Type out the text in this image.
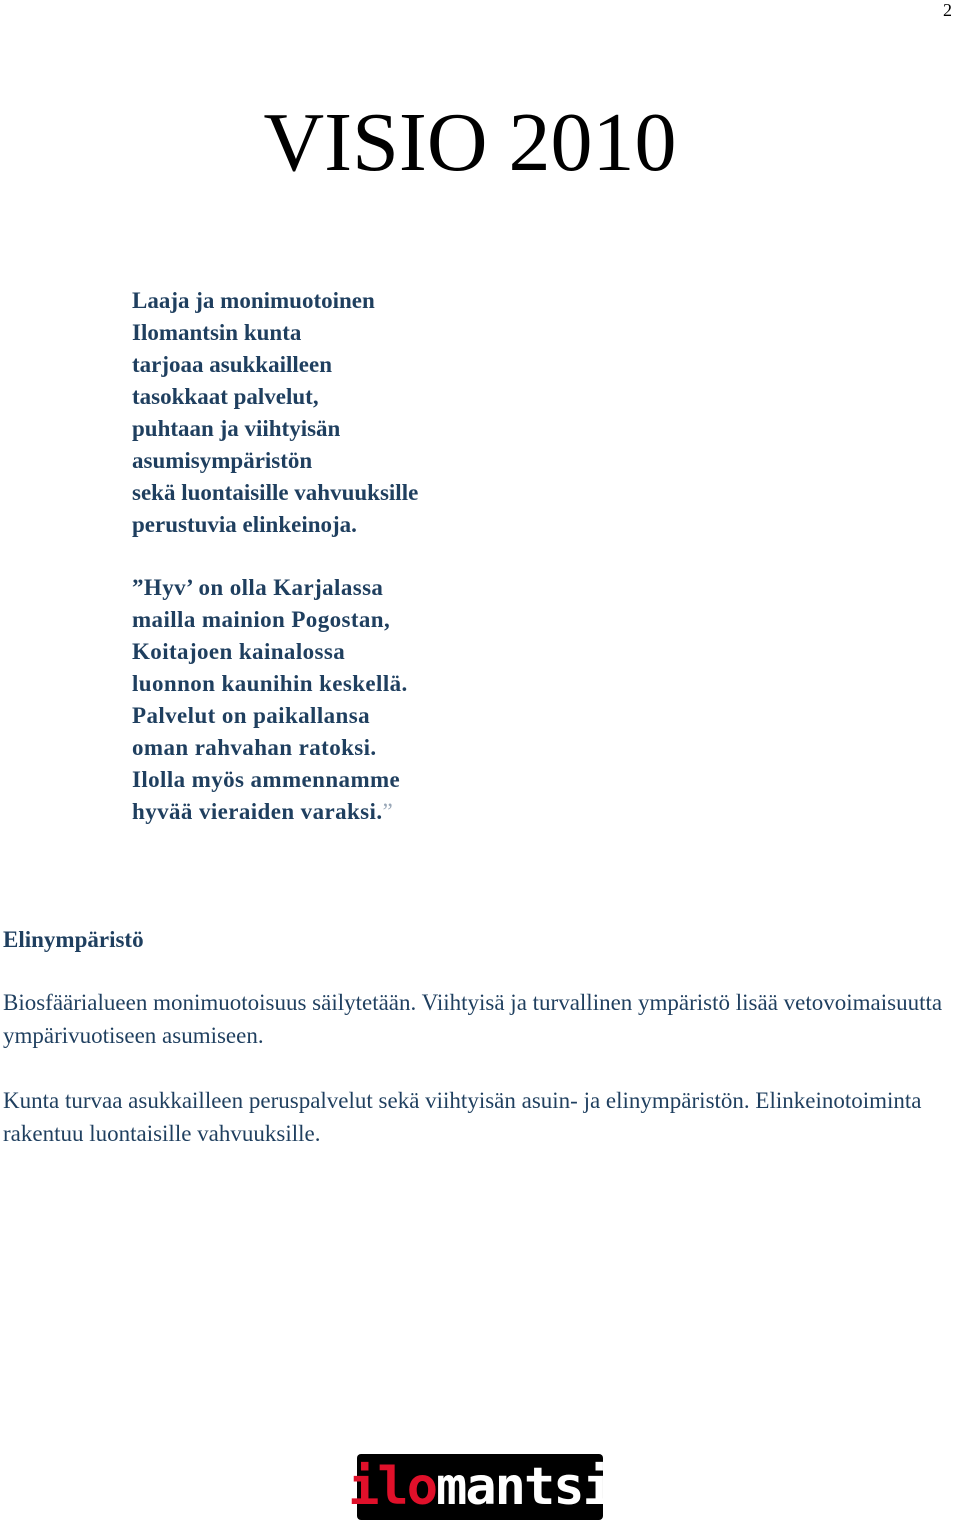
2
VISIO 2010
Laaja ja monimuotoinen
Ilomantsin kunta
tarjoaa asukkailleen
tasokkaat palvelut,
puhtaan ja viihtyisän
asumisympäristön
sekä luontaisille vahvuuksille
perustuvia elinkeinoja.
”Hyv’ on olla Karjalassa
mailla mainion Pogostan,
Koitajoen kainalossa
luonnon kaunihin keskellä.
Palvelut on paikallansa
oman rahvahan ratoksi.
Ilolla myös ammennamme
hyvää vieraiden varaksi.”
Elinympäristö

Biosfäärialueen monimuotoisuus säilytetään. Viihtyisä ja turvallinen ympäristö lisää vetovoimaisuutta ympärivuotiseen asumiseen.

Kunta turvaa asukkailleen peruspalvelut sekä viihtyisän asuin- ja elinympäristön. Elinkeinotoiminta rakentuu luontaisille vahvuuksille.

ilo mantsi
